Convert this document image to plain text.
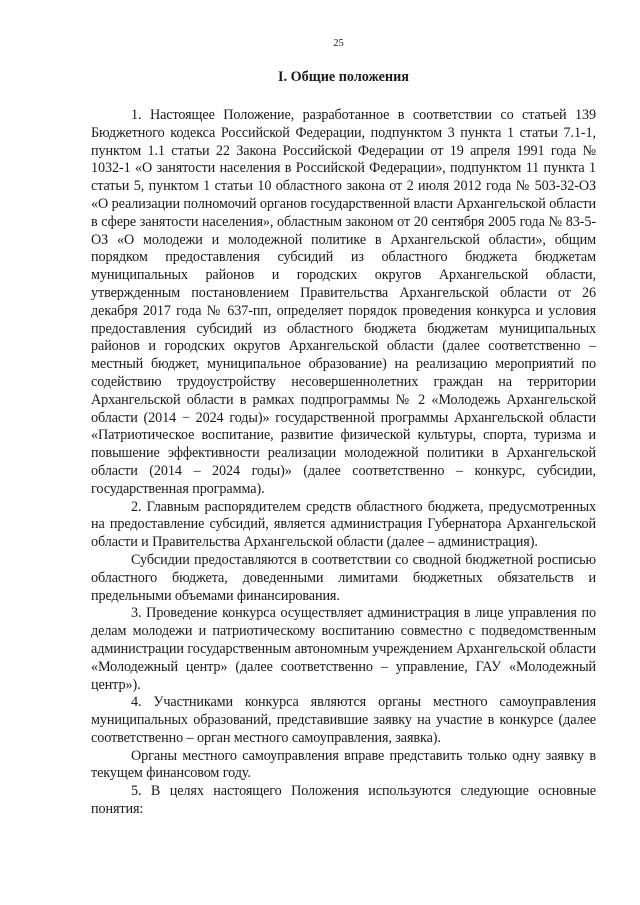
25
I. Общие положения

1. Настоящее Положение, разработанное в соответствии со статьей 139 Бюджетного кодекса Российской Федерации, подпунктом 3 пункта 1 статьи 7.1-1, пунктом 1.1 статьи 22 Закона Российской Федерации от 19 апреля 1991 года № 1032-1 «О занятости населения в Российской Федерации», подпунктом 11 пункта 1 статьи 5, пунктом 1 статьи 10 областного закона от 2 июля 2012 года № 503-32-ОЗ «О реализации полномочий органов государственной власти Архангельской области в сфере занятости населения», областным законом от 20 сентября 2005 года № 83-5-ОЗ «О молодежи и молодежной политике в Архангельской области», общим порядком предоставления субсидий из областного бюджета бюджетам муниципальных районов и городских округов Архангельской области, утвержденным постановлением Правительства Архангельской области от 26 декабря 2017 года № 637-пп, определяет порядок проведения конкурса и условия предоставления субсидий из областного бюджета бюджетам муниципальных районов и городских округов Архангельской области (далее соответственно – местный бюджет, муниципальное образование) на реализацию мероприятий по содействию трудоустройству несовершеннолетних граждан на территории Архангельской области в рамках подпрограммы № 2 «Молодежь Архангельской области (2014 − 2024 годы)» государственной программы Архангельской области «Патриотическое воспитание, развитие физической культуры, спорта, туризма и повышение эффективности реализации молодежной политики в Архангельской области (2014 – 2024 годы)» (далее соответственно – конкурс, субсидии, государственная программа).

2. Главным распорядителем средств областного бюджета, предусмотренных на предоставление субсидий, является администрация Губернатора Архангельской области и Правительства Архангельской области (далее – администрация).

Субсидии предоставляются в соответствии со сводной бюджетной росписью областного бюджета, доведенными лимитами бюджетных обязательств и предельными объемами финансирования.

3. Проведение конкурса осуществляет администрация в лице управления по делам молодежи и патриотическому воспитанию совместно с подведомственным администрации государственным автономным учреждением Архангельской области «Молодежный центр» (далее соответственно – управление, ГАУ «Молодежный центр»).

4. Участниками конкурса являются органы местного самоуправления муниципальных образований, представившие заявку на участие в конкурсе (далее соответственно – орган местного самоуправления, заявка).

Органы местного самоуправления вправе представить только одну заявку в текущем финансовом году.

5. В целях настоящего Положения используются следующие основные понятия:
